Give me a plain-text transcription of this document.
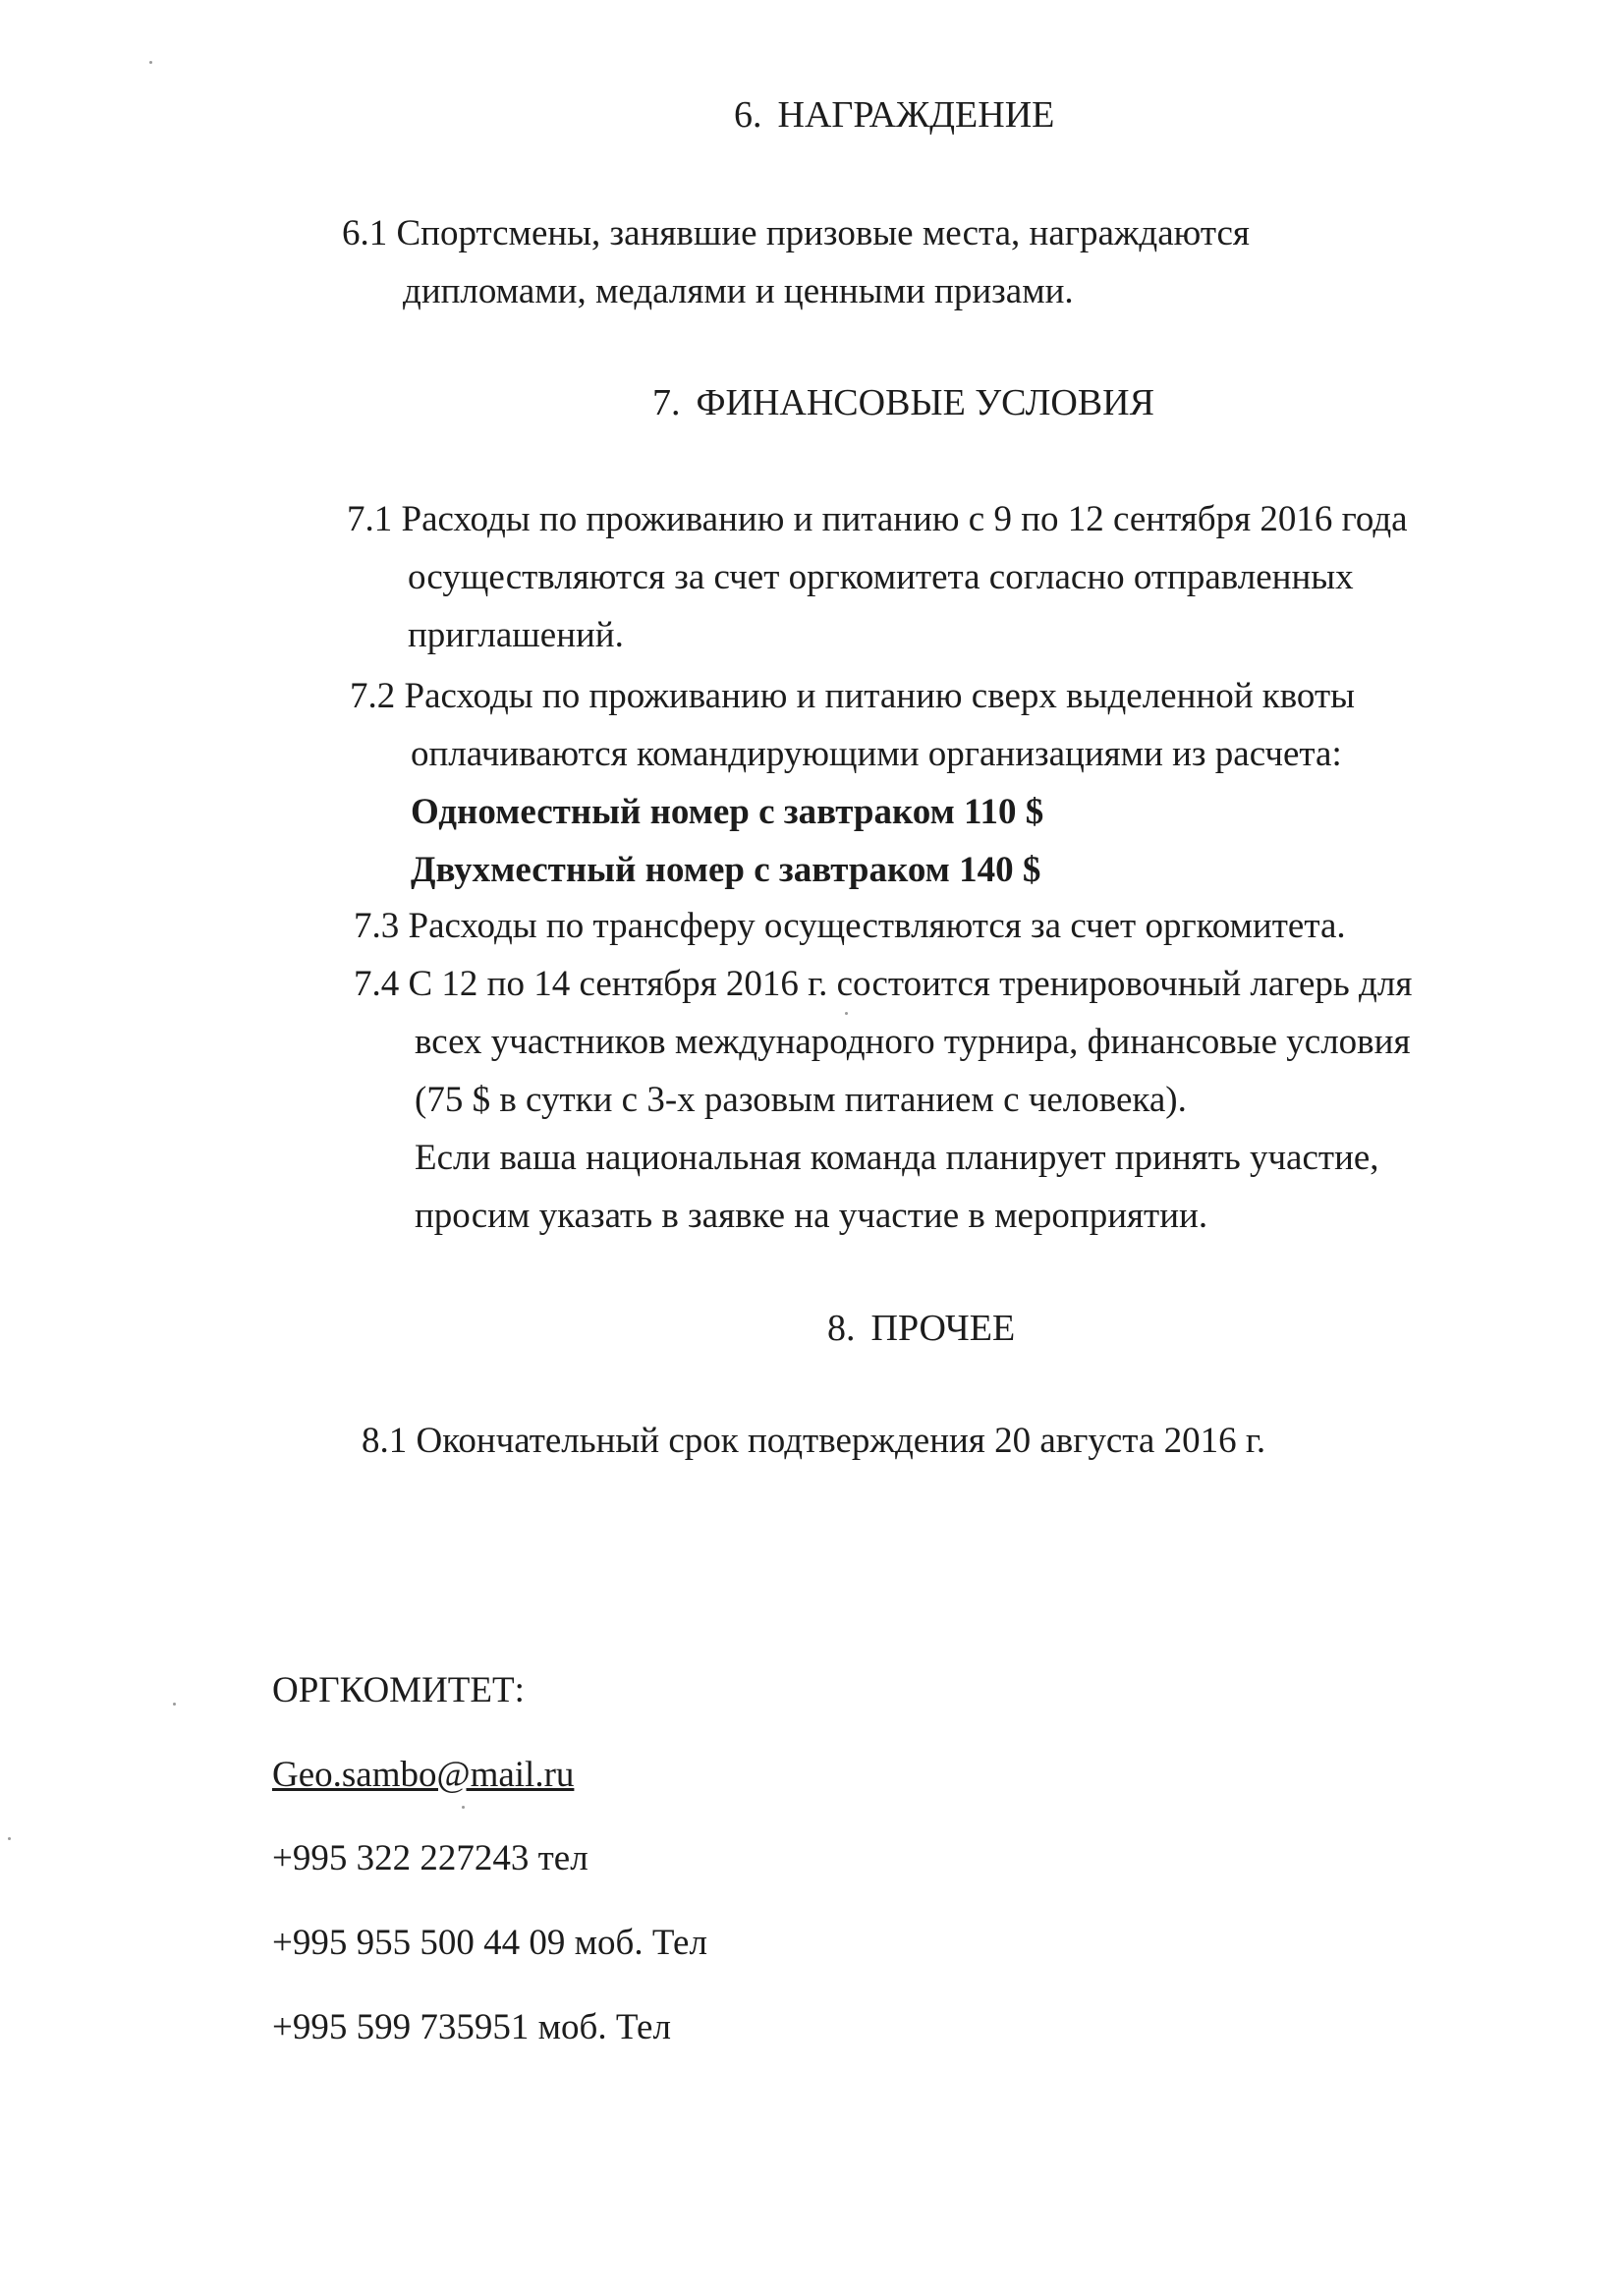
6. НАГРАЖДЕНИЕ
6.1 Спортсмены, занявшие призовые места, награждаются
дипломами, медалями и ценными призами.
7. ФИНАНСОВЫЕ УСЛОВИЯ
7.1 Расходы по проживанию и питанию с 9 по 12 сентября 2016 года
осуществляются за счет оргкомитета согласно отправленных
приглашений.
7.2 Расходы по проживанию и питанию сверх выделенной квоты
оплачиваются командирующими организациями из расчета:
Одноместный номер с завтраком 110 $
Двухместный номер с завтраком 140 $
7.3 Расходы по трансферу осуществляются за счет оргкомитета.
7.4 С 12 по 14 сентября 2016 г. состоится тренировочный лагерь для
всех участников международного турнира, финансовые условия
(75 $ в сутки с 3-х разовым питанием с человека).
Если ваша национальная команда планирует принять участие,
просим указать в заявке на участие в мероприятии.
8. ПРОЧЕЕ
8.1 Окончательный срок подтверждения 20 августа 2016 г.
ОРГКОМИТЕТ:
Geo.sambo@mail.ru
+995 322 227243 тел
+995 955 500 44 09 моб. Тел
+995 599 735951 моб. Тел
